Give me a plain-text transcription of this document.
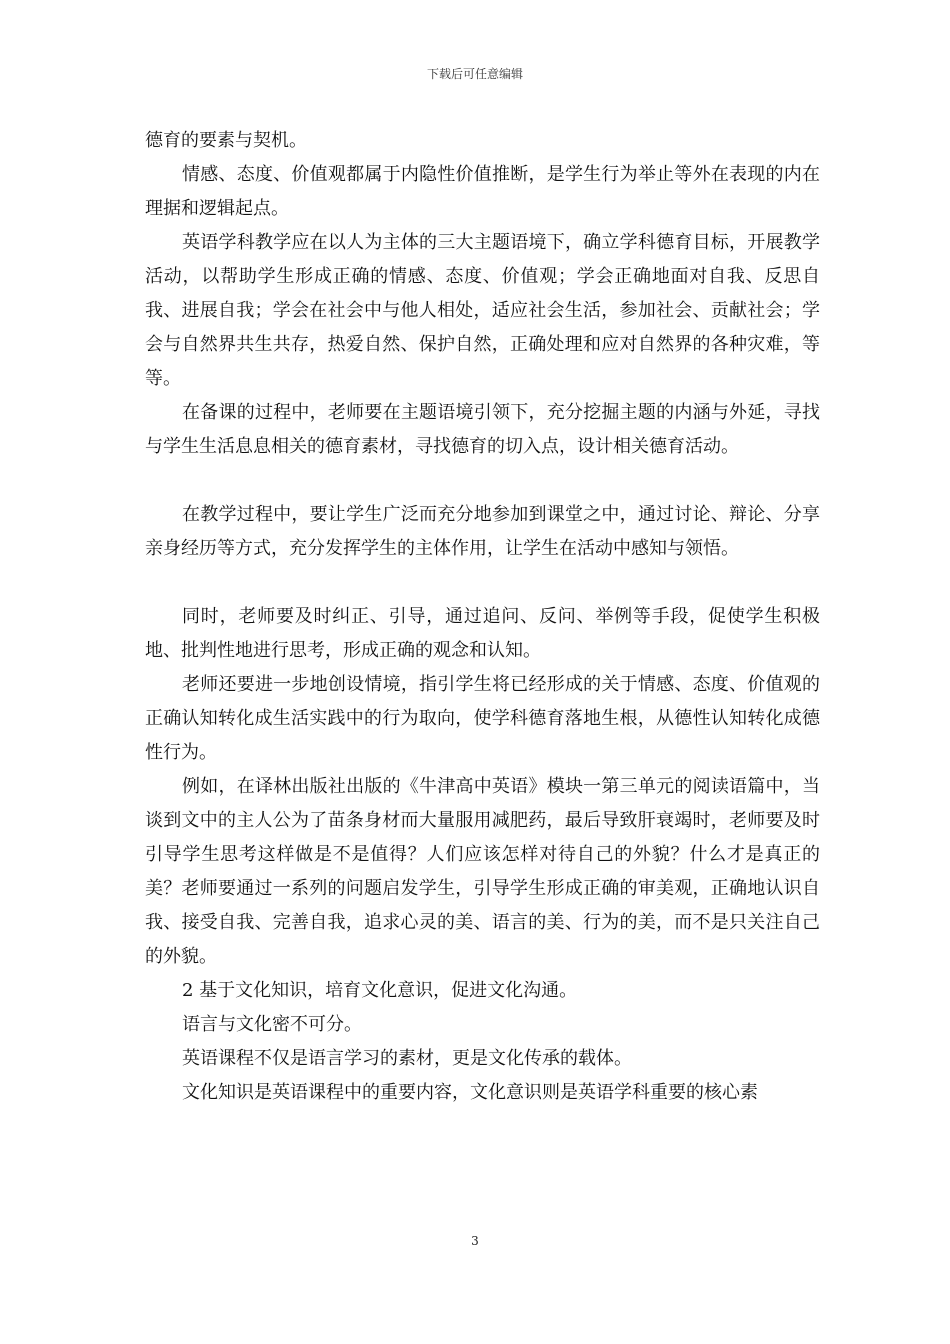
下载后可任意编辑

德育的要素与契机。

情感、态度、价值观都属于内隐性价值推断，是学生行为举止等外在表现的内在理据和逻辑起点。

英语学科教学应在以人为主体的三大主题语境下，确立学科德育目标，开展教学活动，以帮助学生形成正确的情感、态度、价值观；学会正确地面对自我、反思自我、进展自我；学会在社会中与他人相处，适应社会生活，参加社会、贡献社会；学会与自然界共生共存，热爱自然、保护自然，正确处理和应对自然界的各种灾难，等等。

在备课的过程中，老师要在主题语境引领下，充分挖掘主题的内涵与外延，寻找与学生生活息息相关的德育素材，寻找德育的切入点，设计相关德育活动。

在教学过程中，要让学生广泛而充分地参加到课堂之中，通过讨论、辩论、分享亲身经历等方式，充分发挥学生的主体作用，让学生在活动中感知与领悟。

同时，老师要及时纠正、引导，通过追问、反问、举例等手段，促使学生积极地、批判性地进行思考，形成正确的观念和认知。

老师还要进一步地创设情境，指引学生将已经形成的关于情感、态度、价值观的正确认知转化成生活实践中的行为取向，使学科德育落地生根，从德性认知转化成德性行为。

例如，在译林出版社出版的《牛津高中英语》模块一第三单元的阅读语篇中，当谈到文中的主人公为了苗条身材而大量服用减肥药，最后导致肝衰竭时，老师要及时引导学生思考这样做是不是值得？人们应该怎样对待自己的外貌？什么才是真正的美？老师要通过一系列的问题启发学生，引导学生形成正确的审美观，正确地认识自我、接受自我、完善自我，追求心灵的美、语言的美、行为的美，而不是只关注自己的外貌。

2 基于文化知识，培育文化意识，促进文化沟通。

语言与文化密不可分。

英语课程不仅是语言学习的素材，更是文化传承的载体。

文化知识是英语课程中的重要内容，文化意识则是英语学科重要的核心素

3
